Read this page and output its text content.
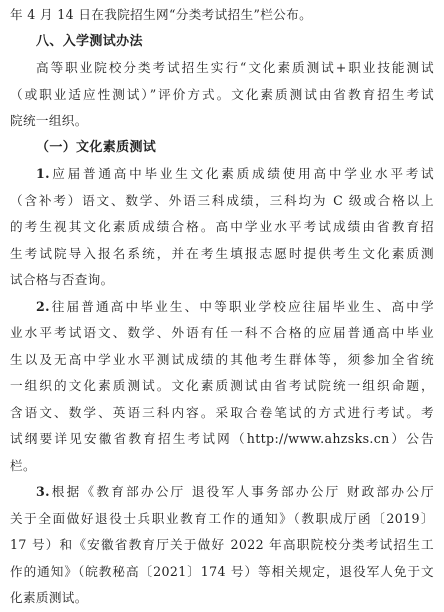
年 4 月 14 日在我院招生网“分类考试招生”栏公布。
八、入学测试办法
高等职业院校分类考试招生实行“文化素质测试+职业技能测试
（或职业适应性测试）”评价方式。文化素质测试由省教育招生考试
院统一组织。
（一）文化素质测试
1.应届普通高中毕业生文化素质成绩使用高中学业水平考试
（含补考）语文、数学、外语三科成绩，三科均为 C 级或合格以上
的考生视其文化素质成绩合格。高中学业水平考试成绩由省教育招
生考试院导入报名系统，并在考生填报志愿时提供考生文化素质测
试合格与否查询。
2.往届普通高中毕业生、中等职业学校应往届毕业生、高中学
业水平考试语文、数学、外语有任一科不合格的应届普通高中毕业
生以及无高中学业水平测试成绩的其他考生群体等，须参加全省统
一组织的文化素质测试。文化素质测试由省考试院统一组织命题，
含语文、数学、英语三科内容。采取合卷笔试的方式进行考试。考
试纲要详见安徽省教育招生考试网（http://www.ahzsks.cn）公告
栏。
3.根据《教育部办公厅 退役军人事务部办公厅 财政部办公厅
关于全面做好退役士兵职业教育工作的通知》（教职成厅函〔2019〕
17 号）和《安徽省教育厅关于做好 2022 年高职院校分类考试招生工
作的通知》（皖教秘高〔2021〕174 号）等相关规定，退役军人免于文
化素质测试。
